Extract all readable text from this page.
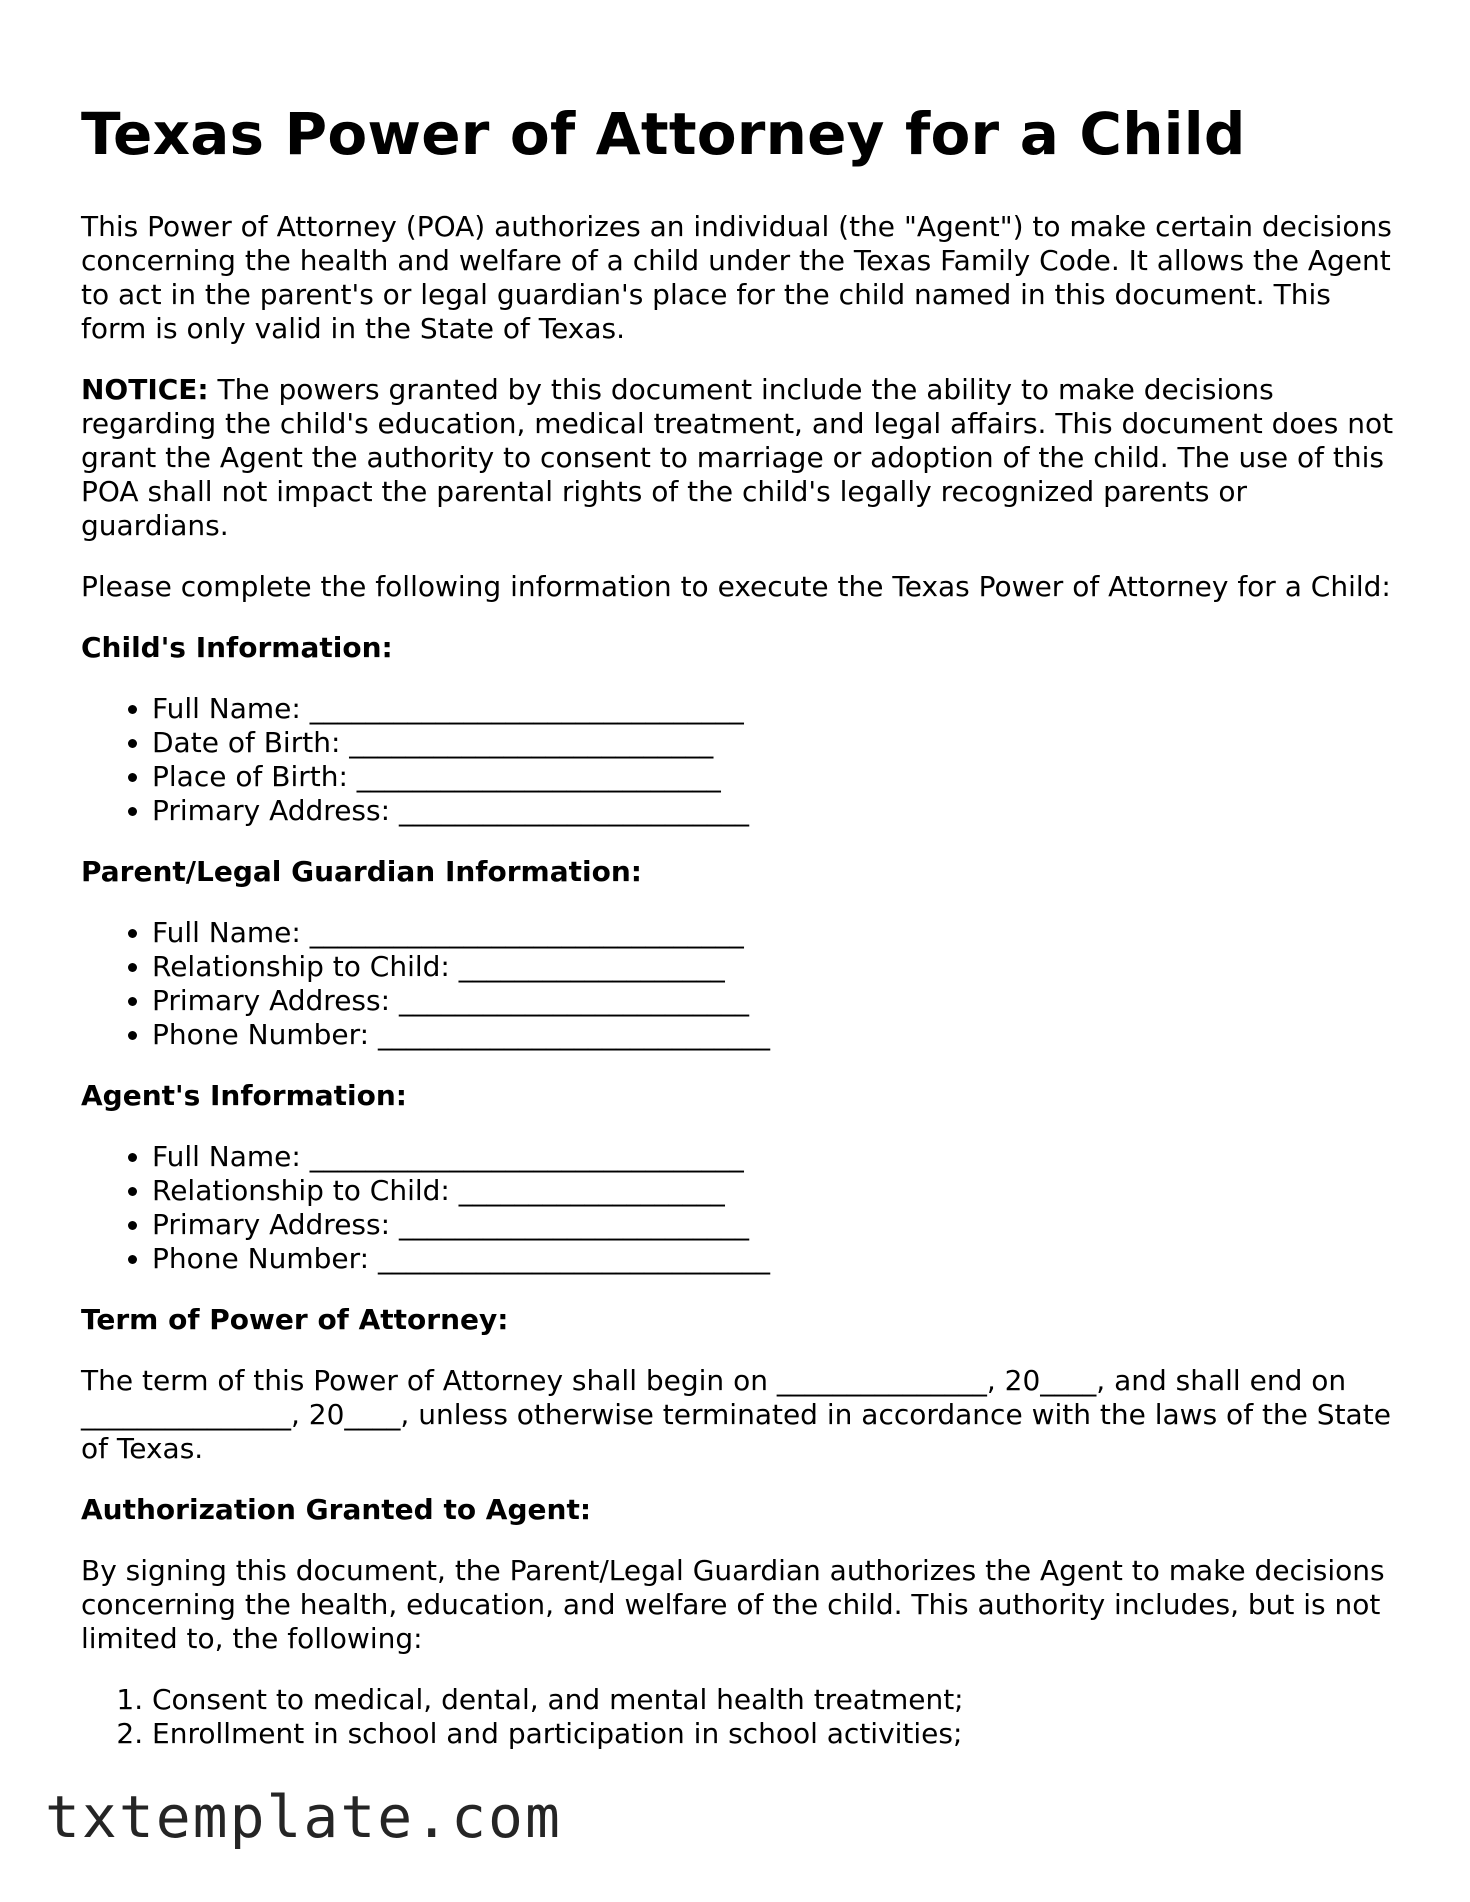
Texas Power of Attorney for a Child

This Power of Attorney (POA) authorizes an individual (the "Agent") to make certain decisions concerning the health and welfare of a child under the Texas Family Code. It allows the Agent to act in the parent's or legal guardian's place for the child named in this document. This form is only valid in the State of Texas.

NOTICE: The powers granted by this document include the ability to make decisions regarding the child's education, medical treatment, and legal affairs. This document does not grant the Agent the authority to consent to marriage or adoption of the child. The use of this POA shall not impact the parental rights of the child's legally recognized parents or guardians.

Please complete the following information to execute the Texas Power of Attorney for a Child:

Child's Information:
• Full Name: _______________________________
• Date of Birth: __________________________
• Place of Birth: __________________________
• Primary Address: _________________________
Parent/Legal Guardian Information:
• Full Name: _______________________________
• Relationship to Child: ___________________
• Primary Address: _________________________
• Phone Number: ____________________________
Agent's Information:
• Full Name: _______________________________
• Relationship to Child: ___________________
• Primary Address: _________________________
• Phone Number: ____________________________
Term of Power of Attorney:

The term of this Power of Attorney shall begin on _______________, 20____, and shall end on _______________, 20____, unless otherwise terminated in accordance with the laws of the State of Texas.

Authorization Granted to Agent:

By signing this document, the Parent/Legal Guardian authorizes the Agent to make decisions concerning the health, education, and welfare of the child. This authority includes, but is not limited to, the following:

1. Consent to medical, dental, and mental health treatment;
2. Enrollment in school and participation in school activities;
txtemplate.com
